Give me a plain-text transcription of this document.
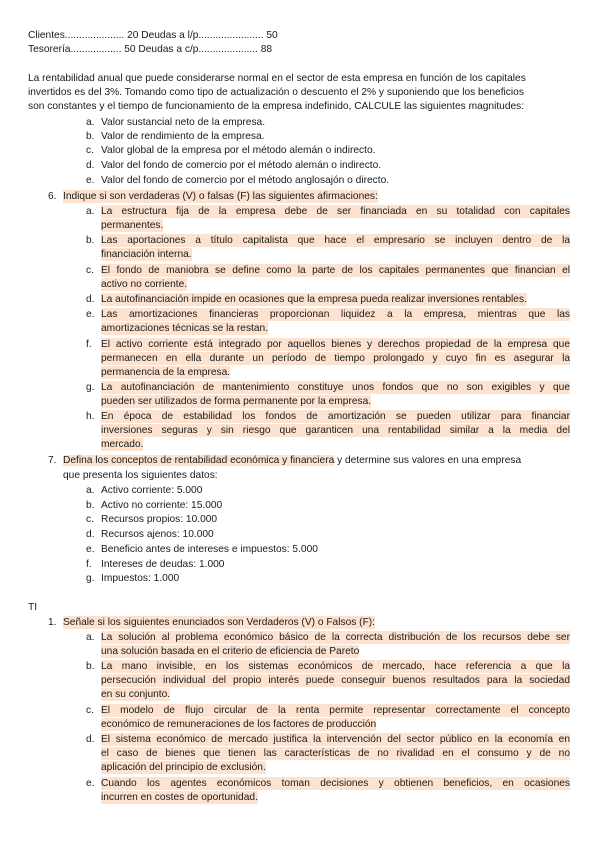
Clientes..................... 20 Deudas a l/p....................... 50
Tesorería.................. 50 Deudas a c/p..................... 88
La rentabilidad anual que puede considerarse normal en el sector de esta empresa en función de los capitales
invertidos es del 3%. Tomando como tipo de actualización o descuento el 2% y suponiendo que los beneficios
son constantes y el tiempo de funcionamiento de la empresa indefinido, CALCULE las siguientes magnitudes:
a. Valor sustancial neto de la empresa.
b. Valor de rendimiento de la empresa.
c. Valor global de la empresa por el método alemán o indirecto.
d. Valor del fondo de comercio por el método alemán o indirecto.
e. Valor del fondo de comercio por el método anglosajón o directo.
6. Indique si son verdaderas (V) o falsas (F) las siguientes afirmaciones:
a. La estructura fija de la empresa debe de ser financiada en su totalidad con capitales
permanentes.
b. Las aportaciones a título capitalista que hace el empresario se incluyen dentro de la
financiación interna.
c. El fondo de maniobra se define como la parte de los capitales permanentes que financian el
activo no corriente.
d. La autofinanciación impide en ocasiones que la empresa pueda realizar inversiones rentables.
e. Las amortizaciones financieras proporcionan liquidez a la empresa, mientras que las
amortizaciones técnicas se la restan.
f. El activo corriente está integrado por aquellos bienes y derechos propiedad de la empresa que
permanecen en ella durante un período de tiempo prolongado y cuyo fin es asegurar la
permanencia de la empresa.
g. La autofinanciación de mantenimiento constituye unos fondos que no son exigibles y que
pueden ser utilizados de forma permanente por la empresa.
h. En época de estabilidad los fondos de amortización se pueden utilizar para financiar
inversiones seguras y sin riesgo que garanticen una rentabilidad similar a la media del
mercado.
7. Defina los conceptos de rentabilidad económica y financiera y determine sus valores en una empresa
que presenta los siguientes datos:
a. Activo corriente: 5.000
b. Activo no corriente: 15.000
c. Recursos propios: 10.000
d. Recursos ajenos: 10.000
e. Beneficio antes de intereses e impuestos: 5.000
f. Intereses de deudas: 1.000
g. Impuestos: 1.000
TI
1. Señale si los siguientes enunciados son Verdaderos (V) o Falsos (F):
a. La solución al problema económico básico de la correcta distribución de los recursos debe ser
una solución basada en el criterio de eficiencia de Pareto
b. La mano invisible, en los sistemas económicos de mercado, hace referencia a que la
persecución individual del propio interés puede conseguir buenos resultados para la sociedad
en su conjunto.
c. El modelo de flujo circular de la renta permite representar correctamente el concepto
económico de remuneraciones de los factores de producción
d. El sistema económico de mercado justifica la intervención del sector público en la economía en
el caso de bienes que tienen las características de no rivalidad en el consumo y de no
aplicación del principio de exclusión.
e. Cuando los agentes económicos toman decisiones y obtienen beneficios, en ocasiones
incurren en costes de oportunidad.
